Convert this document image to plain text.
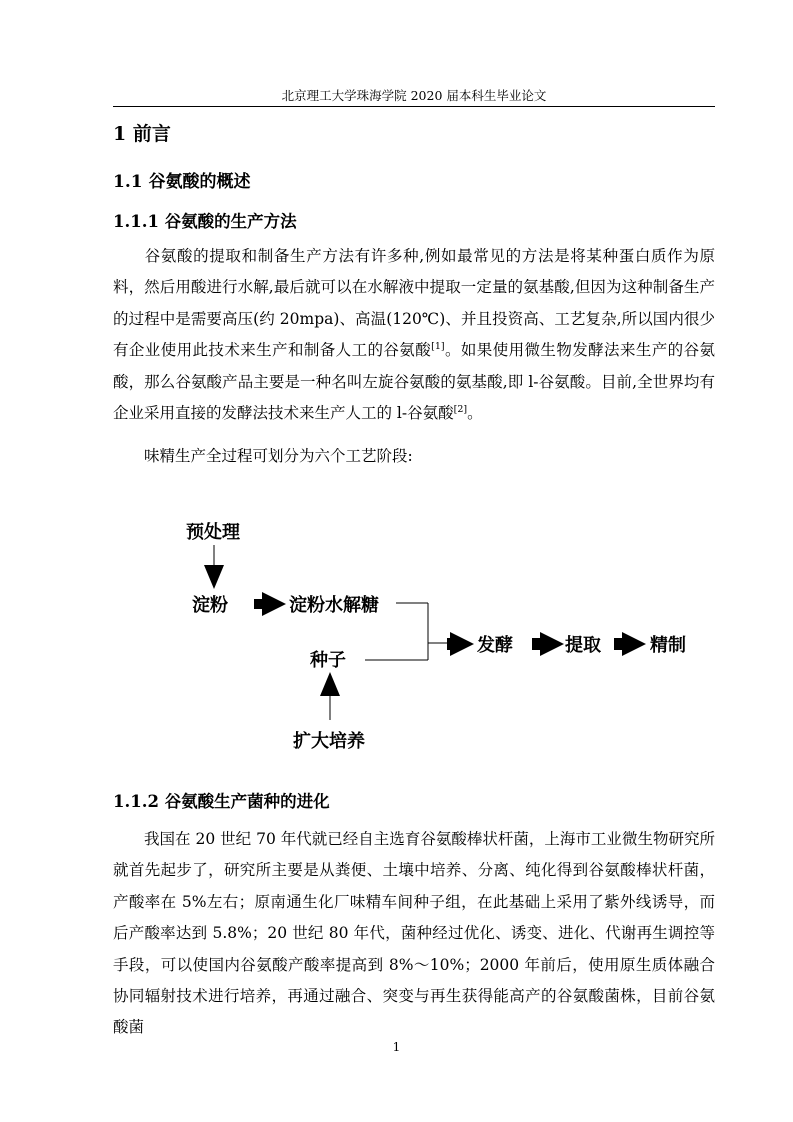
北京理工大学珠海学院 2020 届本科生毕业论文
1 前言
1.1 谷氨酸的概述
1.1.1 谷氨酸的生产方法

谷氨酸的提取和制备生产方法有许多种,例如最常见的方法是将某种蛋白质作为原料，然后用酸进行水解,最后就可以在水解液中提取一定量的氨基酸,但因为这种制备生产的过程中是需要高压(约 20mpa)、高温(120℃)、并且投资高、工艺复杂,所以国内很少有企业使用此技术来生产和制备人工的谷氨酸[1]。如果使用微生物发酵法来生产的谷氨酸，那么谷氨酸产品主要是一种名叫左旋谷氨酸的氨基酸,即 l-谷氨酸。目前,全世界均有企业采用直接的发酵法技术来生产人工的 l-谷氨酸[2]。

味精生产全过程可划分为六个工艺阶段:

预处理
淀粉	淀粉水解糖
种子
扩大培养
发酵	提取	精制
1.1.2 谷氨酸生产菌种的进化

我国在 20 世纪 70 年代就已经自主选育谷氨酸棒状杆菌，上海市工业微生物研究所就首先起步了，研究所主要是从粪便、土壤中培养、分离、纯化得到谷氨酸棒状杆菌，产酸率在 5%左右；原南通生化厂味精车间种子组，在此基础上采用了紫外线诱导，而后产酸率达到 5.8%；20 世纪 80 年代，菌种经过优化、诱变、进化、代谢再生调控等手段，可以使国内谷氨酸产酸率提高到 8%～10%；2000 年前后，使用原生质体融合协同辐射技术进行培养，再通过融合、突变与再生获得能高产的谷氨酸菌株，目前谷氨酸菌

1
